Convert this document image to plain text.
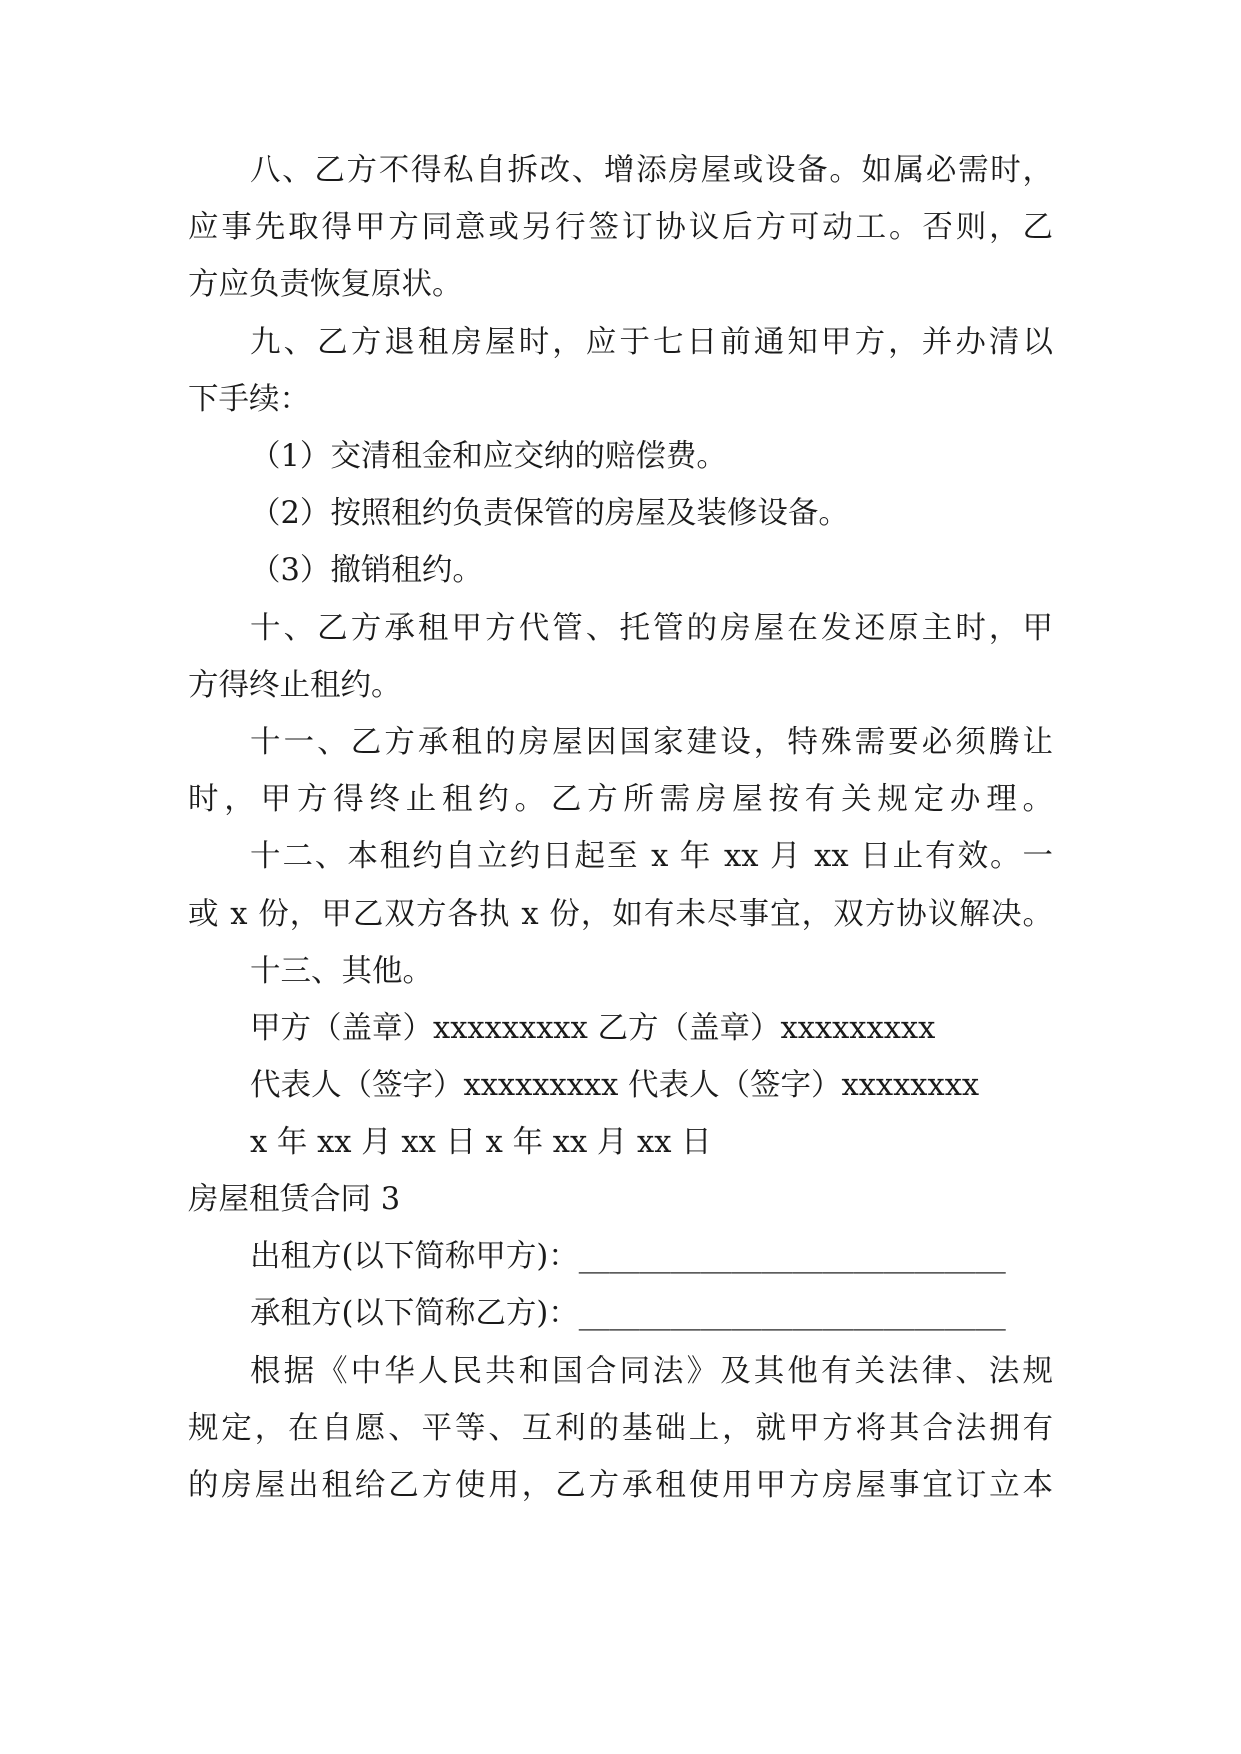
八、乙方不得私自拆改、增添房屋或设备。如属必需时，
应事先取得甲方同意或另行签订协议后方可动工。否则，乙
方应负责恢复原状。
九、乙方退租房屋时，应于七日前通知甲方，并办清以
下手续：
（1）交清租金和应交纳的赔偿费。
（2）按照租约负责保管的房屋及装修设备。
（3）撤销租约。
十、乙方承租甲方代管、托管的房屋在发还原主时，甲
方得终止租约。
十一、乙方承租的房屋因国家建设，特殊需要必须腾让
时，甲方得终止租约。乙方所需房屋按有关规定办理。
十二、本租约自立约日起至 x 年 xx 月 xx 日止有效。一
或 x 份，甲乙双方各执 x 份，如有未尽事宜，双方协议解决。
十三、其他。
甲方（盖章）xxxxxxxxx 乙方（盖章）xxxxxxxxx
代表人（签字）xxxxxxxxx 代表人（签字）xxxxxxxx
x 年 xx 月 xx 日 x 年 xx 月 xx 日
房屋租赁合同 3
出租方(以下简称甲方)：____________________________
承租方(以下简称乙方)：____________________________
根据《中华人民共和国合同法》及其他有关法律、法规
规定，在自愿、平等、互利的基础上，就甲方将其合法拥有
的房屋出租给乙方使用，乙方承租使用甲方房屋事宜订立本
